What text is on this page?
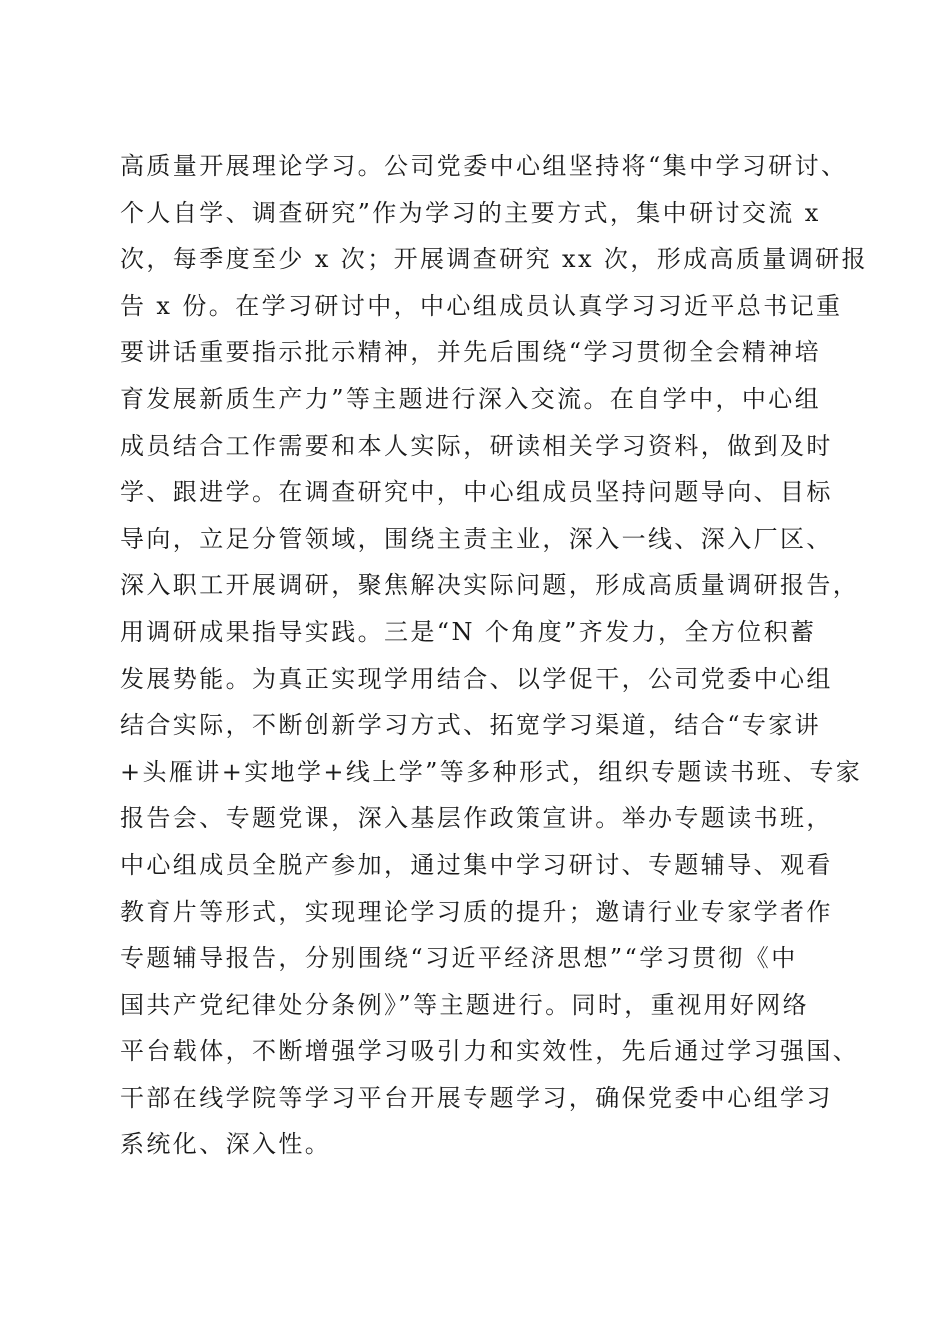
高质量开展理论学习。公司党委中心组坚持将“集中学习研讨、
个人自学、调查研究”作为学习的主要方式，集中研讨交流 x
次，每季度至少 x 次；开展调查研究 xx 次，形成高质量调研报
告 x 份。在学习研讨中，中心组成员认真学习习近平总书记重
要讲话重要指示批示精神，并先后围绕“学习贯彻全会精神培
育发展新质生产力”等主题进行深入交流。在自学中，中心组
成员结合工作需要和本人实际，研读相关学习资料，做到及时
学、跟进学。在调查研究中，中心组成员坚持问题导向、目标
导向，立足分管领域，围绕主责主业，深入一线、深入厂区、
深入职工开展调研，聚焦解决实际问题，形成高质量调研报告，
用调研成果指导实践。三是“N 个角度”齐发力，全方位积蓄
发展势能。为真正实现学用结合、以学促干，公司党委中心组
结合实际，不断创新学习方式、拓宽学习渠道，结合“专家讲
+头雁讲+实地学+线上学”等多种形式，组织专题读书班、专家
报告会、专题党课，深入基层作政策宣讲。举办专题读书班，
中心组成员全脱产参加，通过集中学习研讨、专题辅导、观看
教育片等形式，实现理论学习质的提升；邀请行业专家学者作
专题辅导报告，分别围绕“习近平经济思想”“学习贯彻《中
国共产党纪律处分条例》”等主题进行。同时，重视用好网络
平台载体，不断增强学习吸引力和实效性，先后通过学习强国、
干部在线学院等学习平台开展专题学习，确保党委中心组学习
系统化、深入性。
